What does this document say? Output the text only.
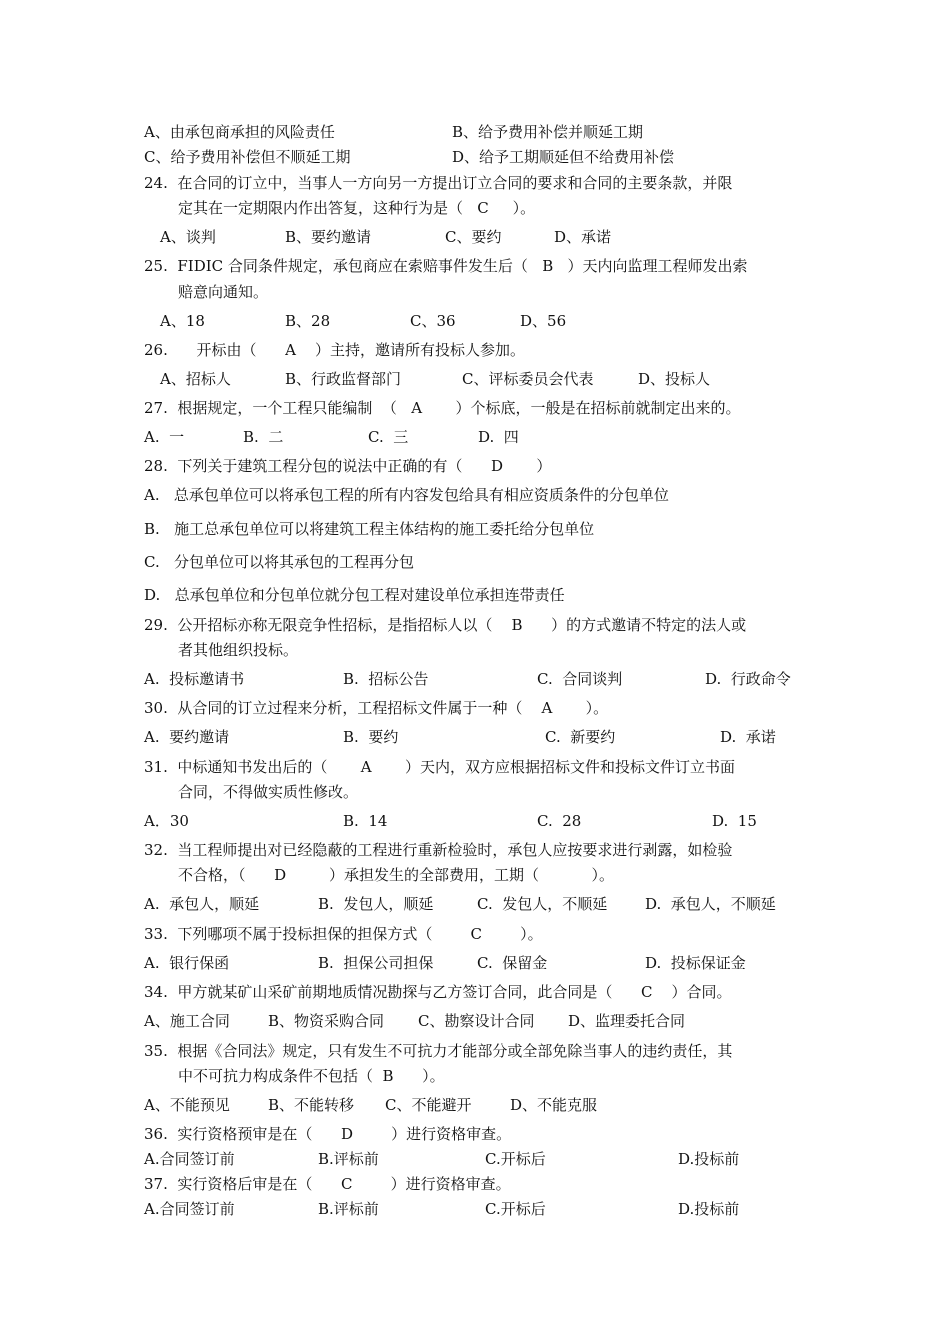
A、由承包商承担的风险责任	B、给予费用补偿并顺延工期
C、给予费用补偿但不顺延工期	D、给予工期顺延但不给费用补偿
24.  在合同的订立中，当事人一方向另一方提出订立合同的要求和合同的主要条款，并限
定其在一定期限内作出答复，这种行为是（   C     ）。
A、谈判	B、要约邀请	C、要约	D、承诺
25.  FIDIC 合同条件规定，承包商应在索赔事件发生后（   B   ）天内向监理工程师发出索
赔意向通知。
A、18	B、28	C、36	D、56
26.      开标由（      A    ）主持，邀请所有投标人参加。
A、招标人	B、行政监督部门	C、评标委员会代表	D、投标人
27.  根据规定，一个工程只能编制  （   A       ）个标底，一般是在招标前就制定出来的。
A.  一	B.  二	C.  三	D.  四
28.  下列关于建筑工程分包的说法中正确的有（      D       ）
A.   总承包单位可以将承包工程的所有内容发包给具有相应资质条件的分包单位
B.   施工总承包单位可以将建筑工程主体结构的施工委托给分包单位
C.   分包单位可以将其承包的工程再分包
D.   总承包单位和分包单位就分包工程对建设单位承担连带责任
29.  公开招标亦称无限竞争性招标，是指招标人以（    B      ）的方式邀请不特定的法人或
者其他组织投标。
A.  投标邀请书	B.  招标公告	C.  合同谈判	D.  行政命令
30.  从合同的订立过程来分析，工程招标文件属于一种（    A       ）。
A.  要约邀请	B.  要约	C.  新要约	D.  承诺
31.  中标通知书发出后的（       A       ）天内，双方应根据招标文件和投标文件订立书面
合同，不得做实质性修改。
A．30	B.  14	C.  28	D.  15
32.  当工程师提出对已经隐蔽的工程进行重新检验时，承包人应按要求进行剥露，如检验
不合格，（      D         ）承担发生的全部费用，工期（           ）。
A.  承包人，顺延	B.  发包人，顺延	C.  发包人，不顺延	D.  承包人，不顺延
33.  下列哪项不属于投标担保的担保方式（        C        ）。
A.  银行保函	B.  担保公司担保	C.  保留金	D.  投标保证金
34.  甲方就某矿山采矿前期地质情况勘探与乙方签订合同，此合同是（      C    ）合同。
A、施工合同	B、物资采购合同 C、勘察设计合同 D、监理委托合同
35.  根据《合同法》规定，只有发生不可抗力才能部分或全部免除当事人的违约责任，其
中不可抗力构成条件不包括（  B      ）。
A、不能预见	B、不能转移 C、不能避开	D、不能克服
36.  实行资格预审是在（      D        ）进行资格审查。
A.合同签订前	B.评标前	C.开标后	D.投标前
37.  实行资格后审是在（      C        ）进行资格审查。
A.合同签订前	B.评标前	C.开标后	D.投标前
